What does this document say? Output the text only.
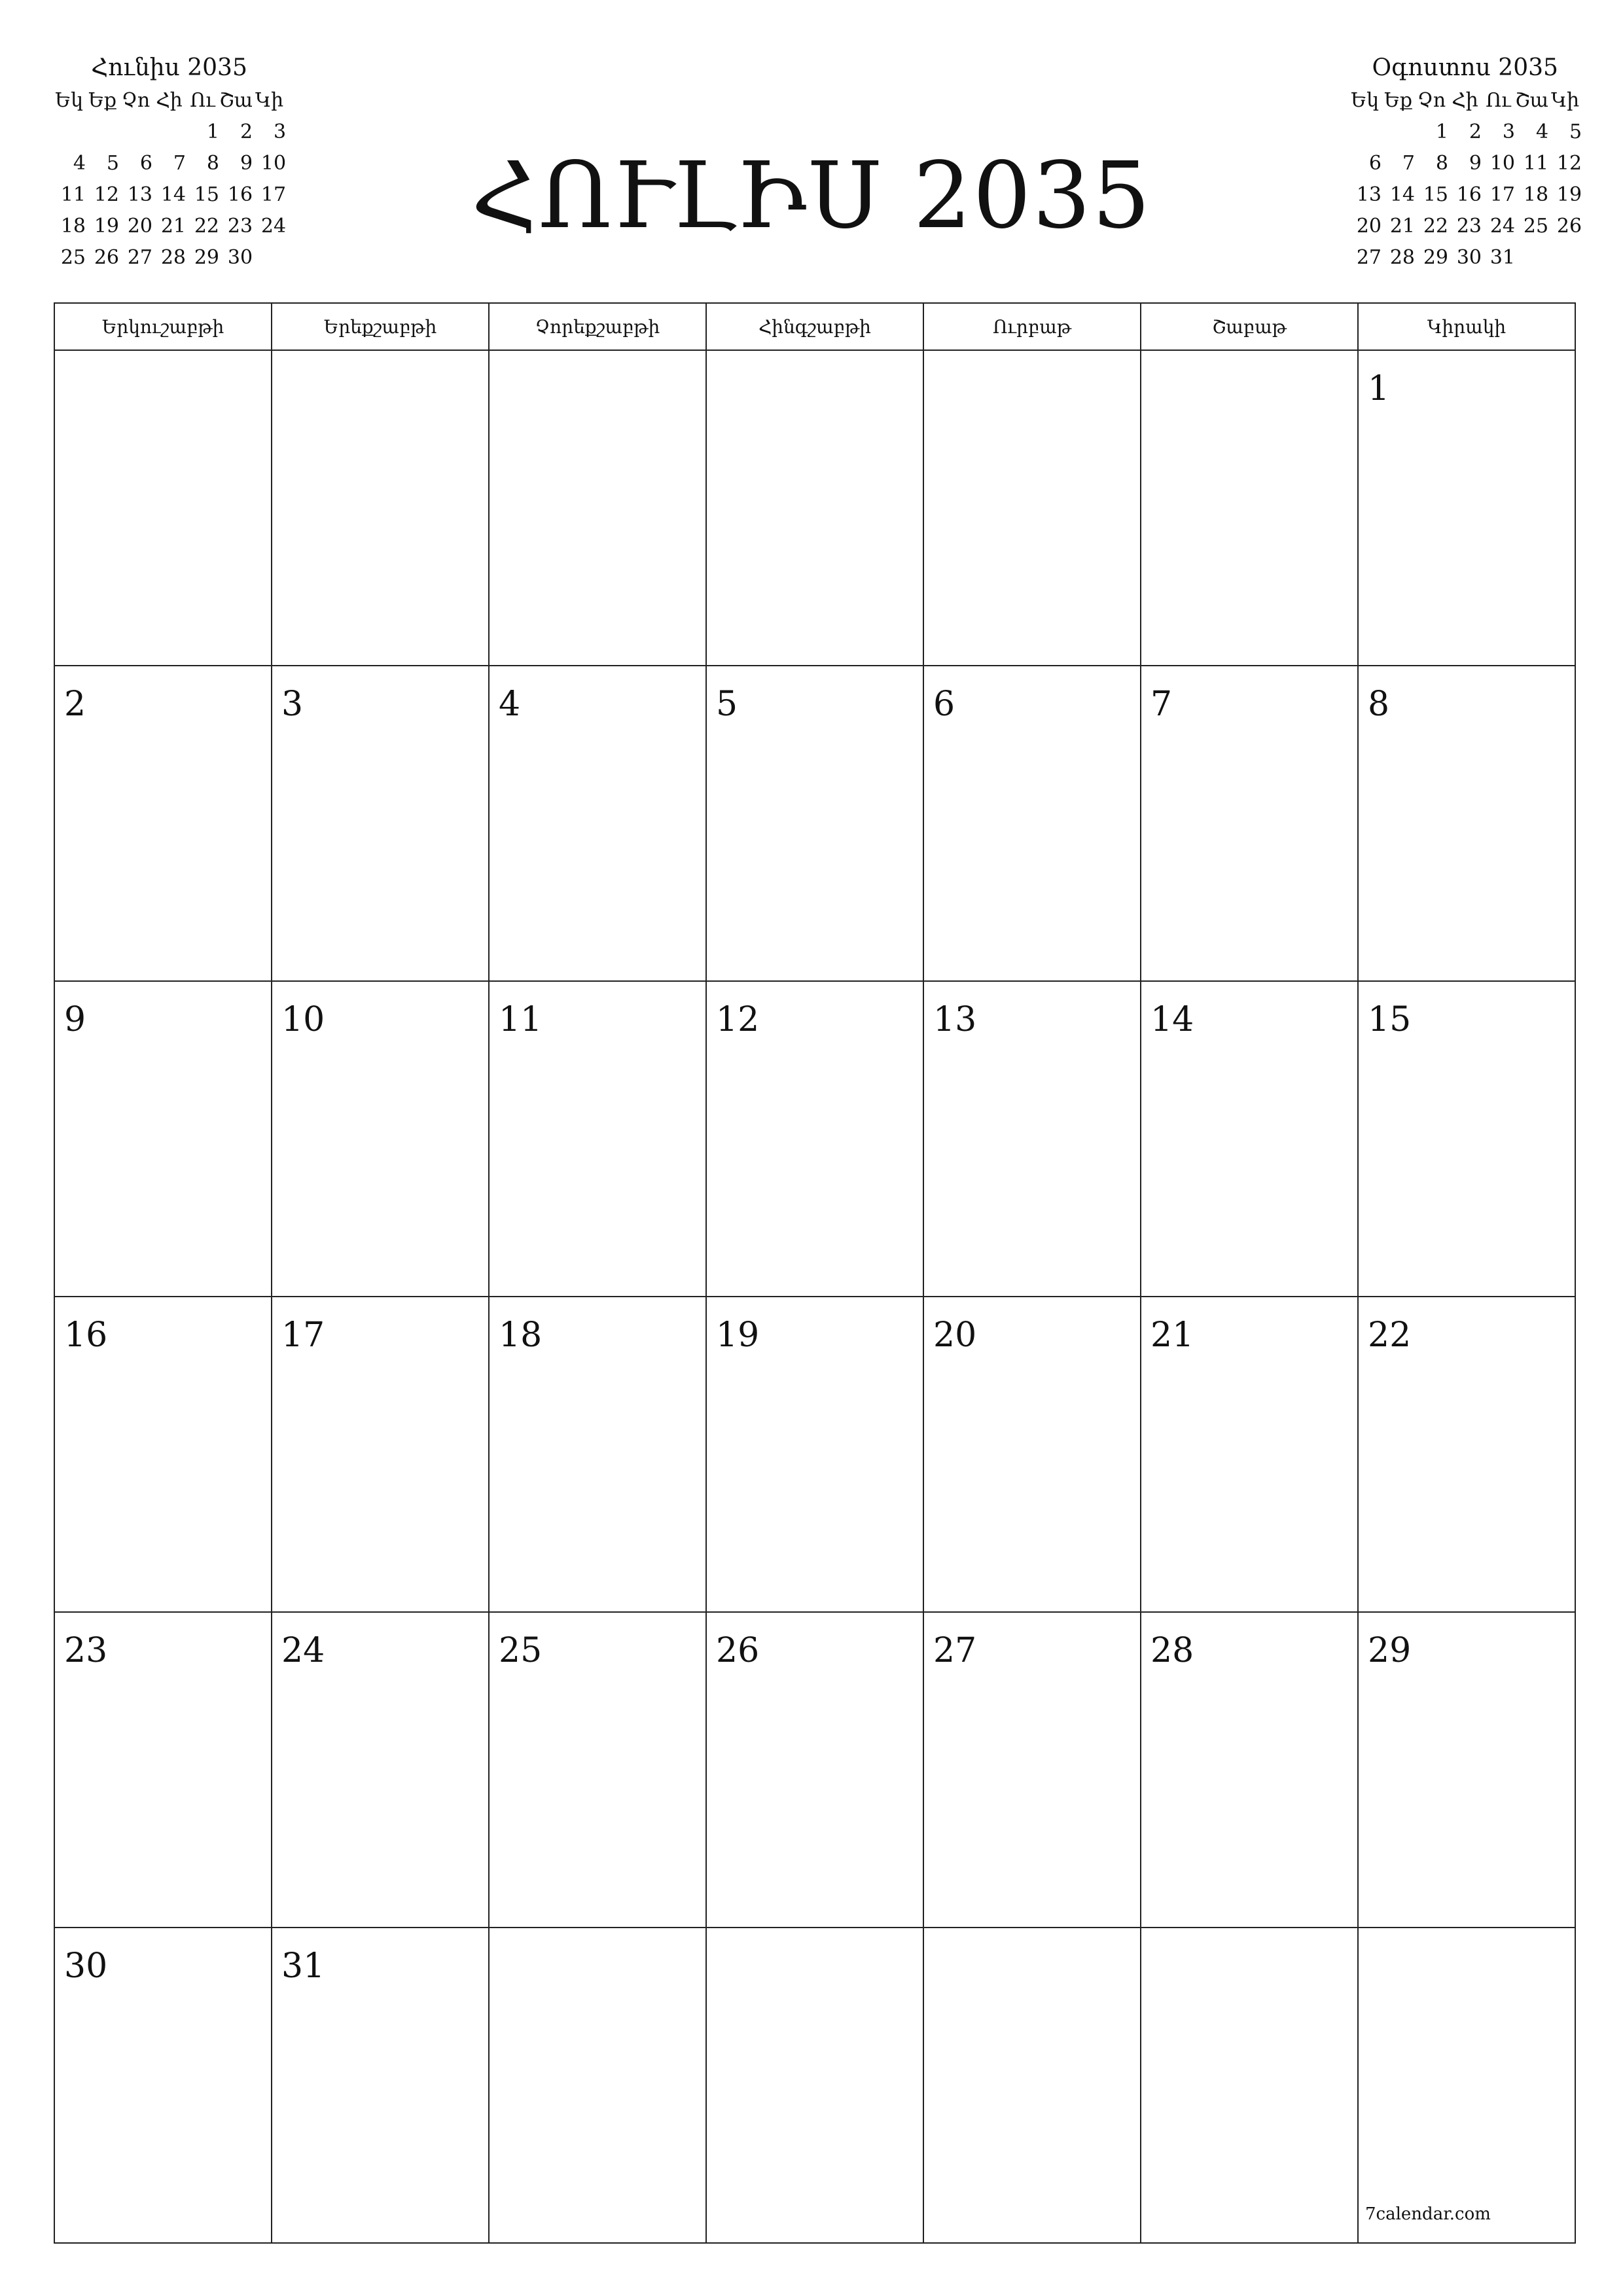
Հունիս 2035
Եկ	Եք	Չո	Հի	Ու	Շա	Կի
				1	2	3
4	5	6	7	8	9	10
11	12	13	14	15	16	17
18	19	20	21	22	23	24
25	26	27	28	29	30	
Օգոստոս 2035
Եկ	Եք	Չո	Հի	Ու	Շա	Կի
		1	2	3	4	5
6	7	8	9	10	11	12
13	14	15	16	17	18	19
20	21	22	23	24	25	26
27	28	29	30	31		
ՀՈՒԼԻՍ 2035
Երկուշաբթի	Երեքշաբթի	Չորեքշաբթի	Հինգշաբթի	Ուրբաթ	Շաբաթ	Կիրակի

						1

2	3	4	5	6	7	8

9	10	11	12	13	14	15

16	17	18	19	20	21	22

23	24	25	26	27	28	29

30	31					

7calendar.com
